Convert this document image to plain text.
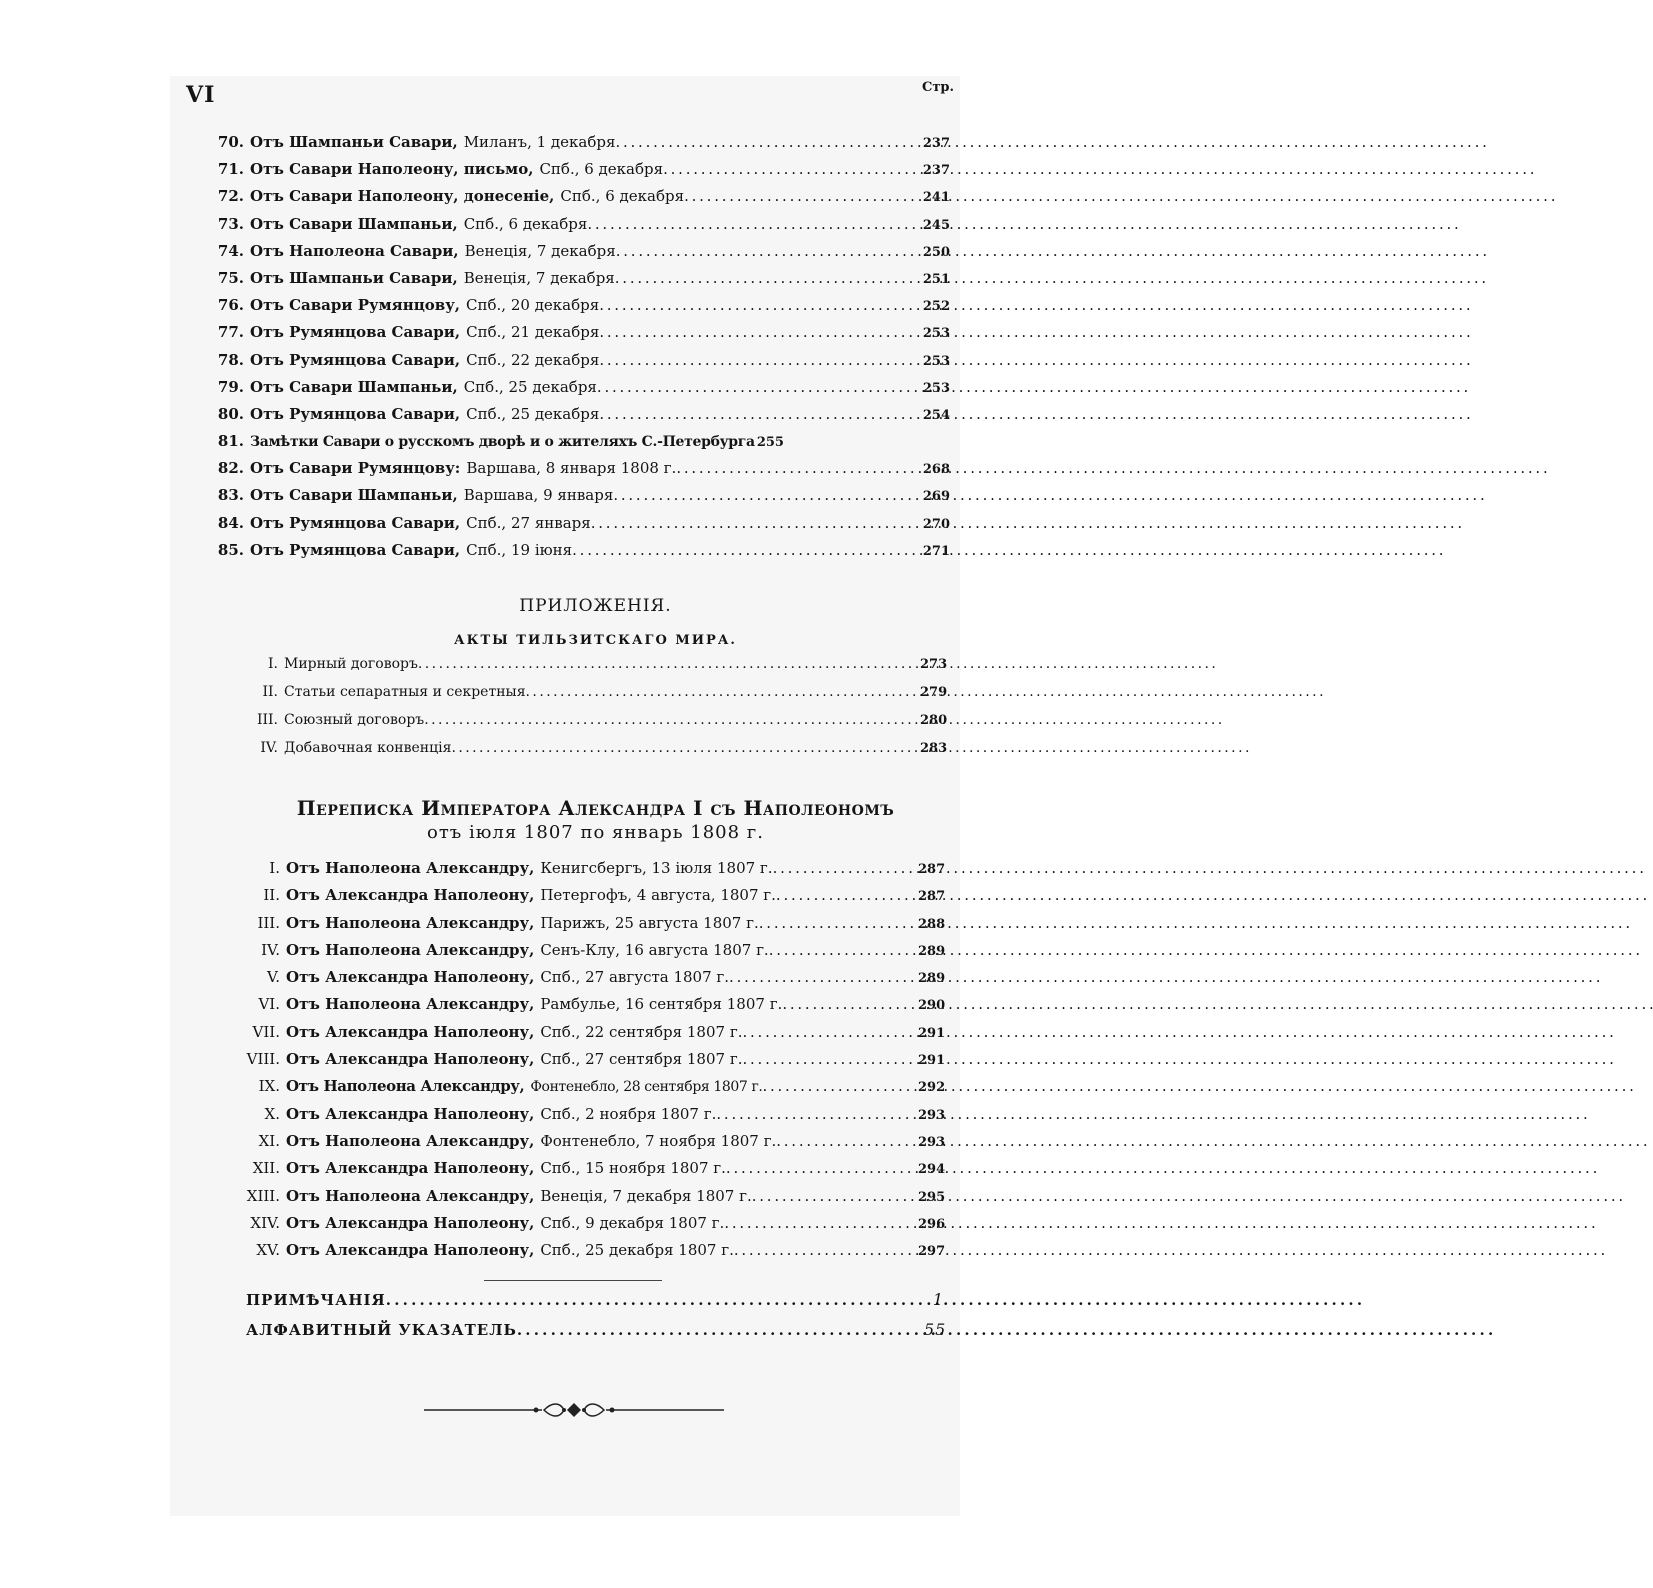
VI	Стр.
70. Отъ Шампаньи Савари, Миланъ, 1 декабря . . .	237
71. Отъ Савари Наполеону, письмо, Спб., 6 декабря . . .	237
72. Отъ Савари Наполеону, донесеніе, Спб., 6 декабря . . .	241
73. Отъ Савари Шампаньи, Спб., 6 декабря . . .	245
74. Отъ Наполеона Савари, Венеція, 7 декабря . . .	250
75. Отъ Шампаньи Савари, Венеція, 7 декабря . . .	251
76. Отъ Савари Румянцову, Спб., 20 декабря . . .	252
77. Отъ Румянцова Савари, Спб., 21 декабря . . .	253
78. Отъ Румянцова Савари, Спб., 22 декабря . . .	253
79. Отъ Савари Шампаньи, Спб., 25 декабря . . .	253
80. Отъ Румянцова Савари, Спб., 25 декабря . . .	254
81. Замѣтки Савари о русскомъ дворѣ и о жителяхъ С.-Петербурга 255
82. Отъ Савари Румянцову: Варшава, 8 января 1808 г. . . .	268
83. Отъ Савари Шампаньи, Варшава, 9 января . . .	269
84. Отъ Румянцова Савари, Спб., 27 января . . .	270
85. Отъ Румянцова Савари, Спб., 19 іюня . . .	271
ПРИЛОЖЕНІЯ.
АКТЫ ТИЛЬЗИТСКАГО МИРА.
I. Мирный договоръ . . .	273
II. Статьи сепаратныя и секретныя . . .	279
III. Союзный договоръ . . .	280
IV. Добавочная конвенція . . .	283
Переписка Императора Александра I съ Наполеономъ
отъ іюля 1807 по январь 1808 г.
I. Отъ Наполеона Александру, Кенигсбергъ, 13 іюля 1807 г. . . .	287
II. Отъ Александра Наполеону, Петергофъ, 4 августа, 1807 г. . . .	287
III. Отъ Наполеона Александру, Парижъ, 25 августа 1807 г. . . .	288
IV. Отъ Наполеона Александру, Сенъ-Клу, 16 августа 1807 г. . . .	289
V. Отъ Александра Наполеону, Спб., 27 августа 1807 г. . . .	289
VI. Отъ Наполеона Александру, Рамбулье, 16 сентября 1807 г. . . .	290
VII. Отъ Александра Наполеону, Спб., 22 сентября 1807 г. . . .	291
VIII. Отъ Александра Наполеону, Спб., 27 сентября 1807 г. . . .	291
IX. Отъ Наполеона Александру, Фонтенебло, 28 сентября 1807 г. . . .	292
X. Отъ Александра Наполеону, Спб., 2 ноября 1807 г. . . .	293
XI. Отъ Наполеона Александру, Фонтенебло, 7 ноября 1807 г. . . .	293
XII. Отъ Александра Наполеону, Спб., 15 ноября 1807 г. . . .	294
XIII. Отъ Наполеона Александру, Венеція, 7 декабря 1807 г. . . .	295
XIV. Отъ Александра Наполеону, Спб., 9 декабря 1807 г. . . .	296
XV. Отъ Александра Наполеону, Спб., 25 декабря 1807 г. . . .	297
ПРИМѢЧАНІЯ . . .	1
АЛФАВИТНЫЙ УКАЗАТЕЛЬ . . .	55
